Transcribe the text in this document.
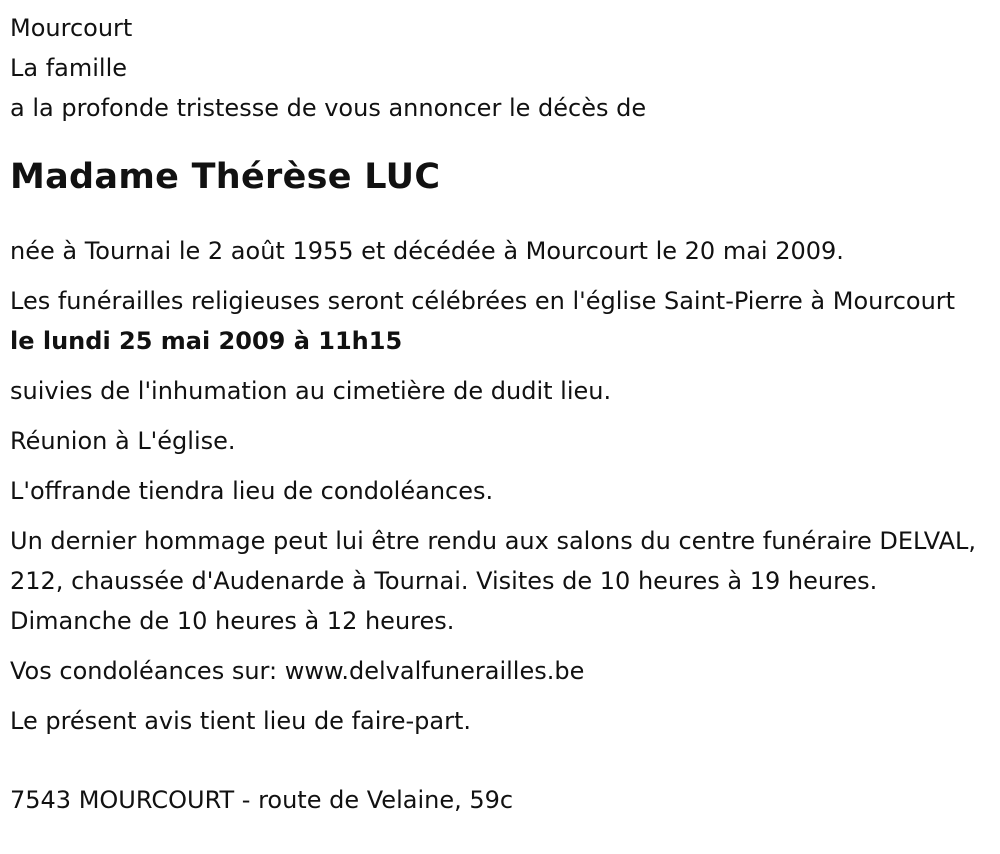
Mourcourt
La famille
a la profonde tristesse de vous annoncer le décès de
Madame Thérèse LUC

née à Tournai le 2 août 1955 et décédée à Mourcourt le 20 mai 2009.

Les funérailles religieuses seront célébrées en l'église Saint-Pierre à Mourcourt le lundi 25 mai 2009 à 11h15

suivies de l'inhumation au cimetière de dudit lieu.

Réunion à L'église.

L'offrande tiendra lieu de condoléances.

Un dernier hommage peut lui être rendu aux salons du centre funéraire DELVAL, 212, chaussée d'Audenarde à Tournai. Visites de 10 heures à 19 heures. Dimanche de 10 heures à 12 heures.

Vos condoléances sur: www.delvalfunerailles.be

Le présent avis tient lieu de faire-part.

7543 MOURCOURT - route de Velaine, 59c
